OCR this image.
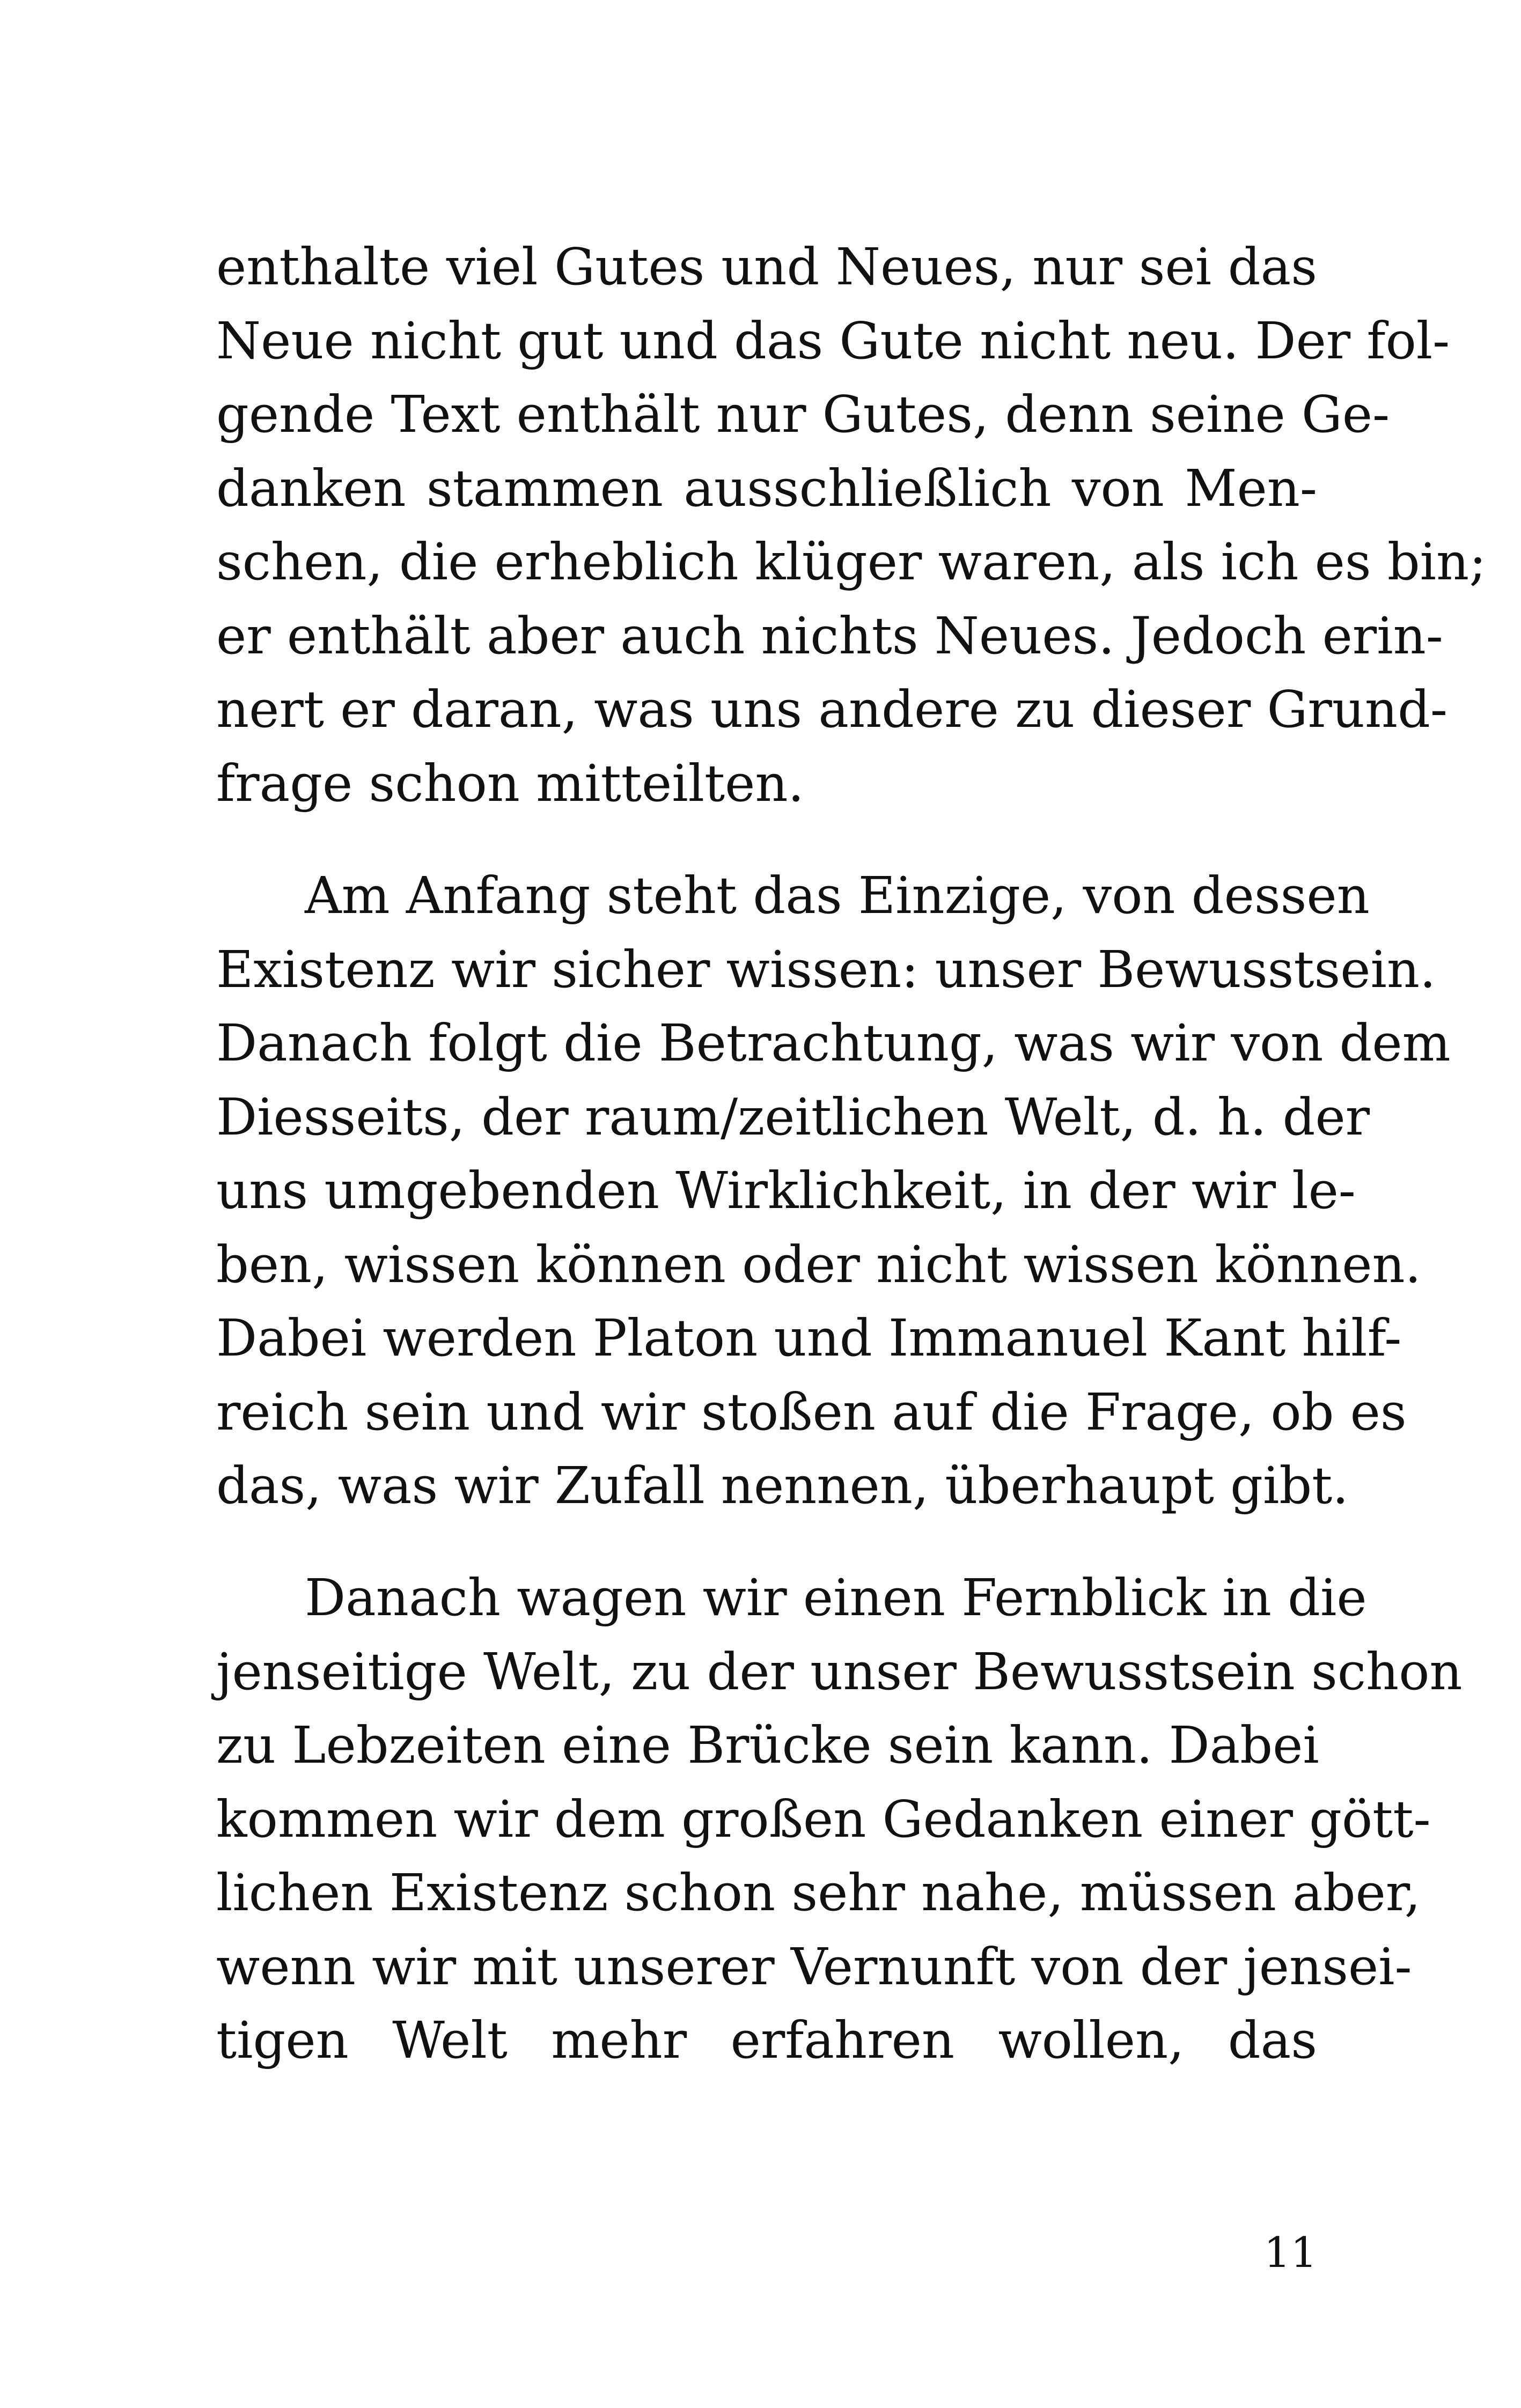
enthalte viel Gutes und Neues, nur sei das
Neue nicht gut und das Gute nicht neu. Der fol-
gende Text enthält nur Gutes, denn seine Ge-
danken stammen ausschließlich von Men-
schen, die erheblich klüger waren, als ich es bin;
er enthält aber auch nichts Neues. Jedoch erin-
nert er daran, was uns andere zu dieser Grund-
frage schon mitteilten.
Am Anfang steht das Einzige, von dessen
Existenz wir sicher wissen: unser Bewusstsein.
Danach folgt die Betrachtung, was wir von dem
Diesseits, der raum/zeitlichen Welt, d. h. der
uns umgebenden Wirklichkeit, in der wir le-
ben, wissen können oder nicht wissen können.
Dabei werden Platon und Immanuel Kant hilf-
reich sein und wir stoßen auf die Frage, ob es
das, was wir Zufall nennen, überhaupt gibt.
Danach wagen wir einen Fernblick in die
jenseitige Welt, zu der unser Bewusstsein schon
zu Lebzeiten eine Brücke sein kann. Dabei
kommen wir dem großen Gedanken einer gött-
lichen Existenz schon sehr nahe, müssen aber,
wenn wir mit unserer Vernunft von der jensei-
tigen Welt mehr erfahren wollen, das
11
